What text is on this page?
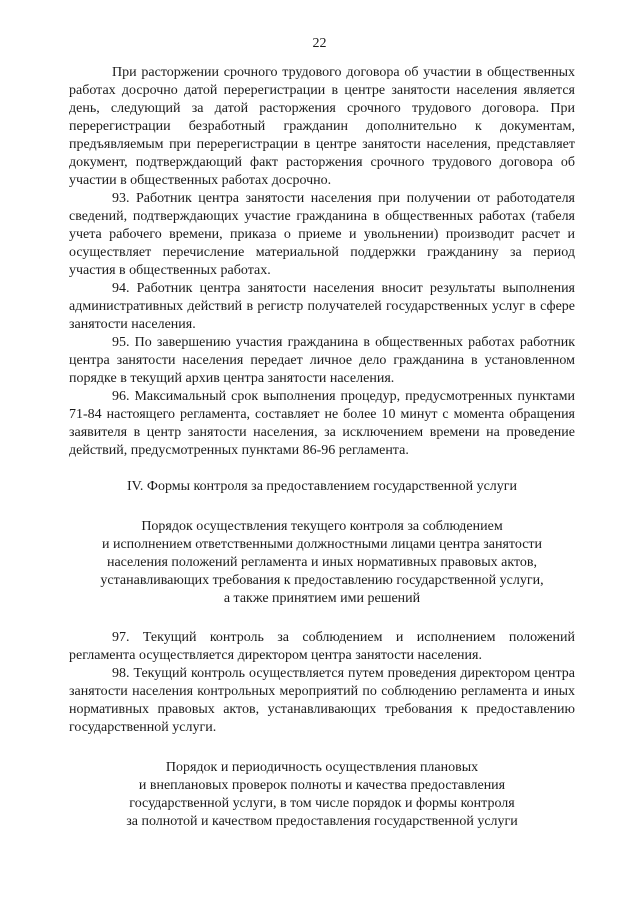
22

При расторжении срочного трудового договора об участии в общественных работах досрочно датой перерегистрации в центре занятости населения является день, следующий за датой расторжения срочного трудового договора. При перерегистрации безработный гражданин дополнительно к документам, предъявляемым при перерегистрации в центре занятости населения, представляет документ, подтверждающий факт расторжения срочного трудового договора об участии в общественных работах досрочно.

93. Работник центра занятости населения при получении от работодателя сведений, подтверждающих участие гражданина в общественных работах (табеля учета рабочего времени, приказа о приеме и увольнении) производит расчет и осуществляет перечисление материальной поддержки гражданину за период участия в общественных работах.

94. Работник центра занятости населения вносит результаты выполнения административных действий в регистр получателей государственных услуг в сфере занятости населения.

95. По завершению участия гражданина в общественных работах работник центра занятости населения передает личное дело гражданина в установленном порядке в текущий архив центра занятости населения.

96. Максимальный срок выполнения процедур, предусмотренных пунктами 71-84 настоящего регламента, составляет не более 10 минут с момента обращения заявителя в центр занятости населения, за исключением времени на проведение действий, предусмотренных пунктами 86-96 регламента.

IV. Формы контроля за предоставлением государственной услуги

Порядок осуществления текущего контроля за соблюдением
и исполнением ответственными должностными лицами центра занятости
населения положений регламента и иных нормативных правовых актов,
устанавливающих требования к предоставлению государственной услуги,
а также принятием ими решений

97. Текущий контроль за соблюдением и исполнением положений регламента осуществляется директором центра занятости населения.

98. Текущий контроль осуществляется путем проведения директором центра занятости населения контрольных мероприятий по соблюдению регламента и иных нормативных правовых актов, устанавливающих требования к предоставлению государственной услуги.

Порядок и периодичность осуществления плановых
и внеплановых проверок полноты и качества предоставления
государственной услуги, в том числе порядок и формы контроля
за полнотой и качеством предоставления государственной услуги
